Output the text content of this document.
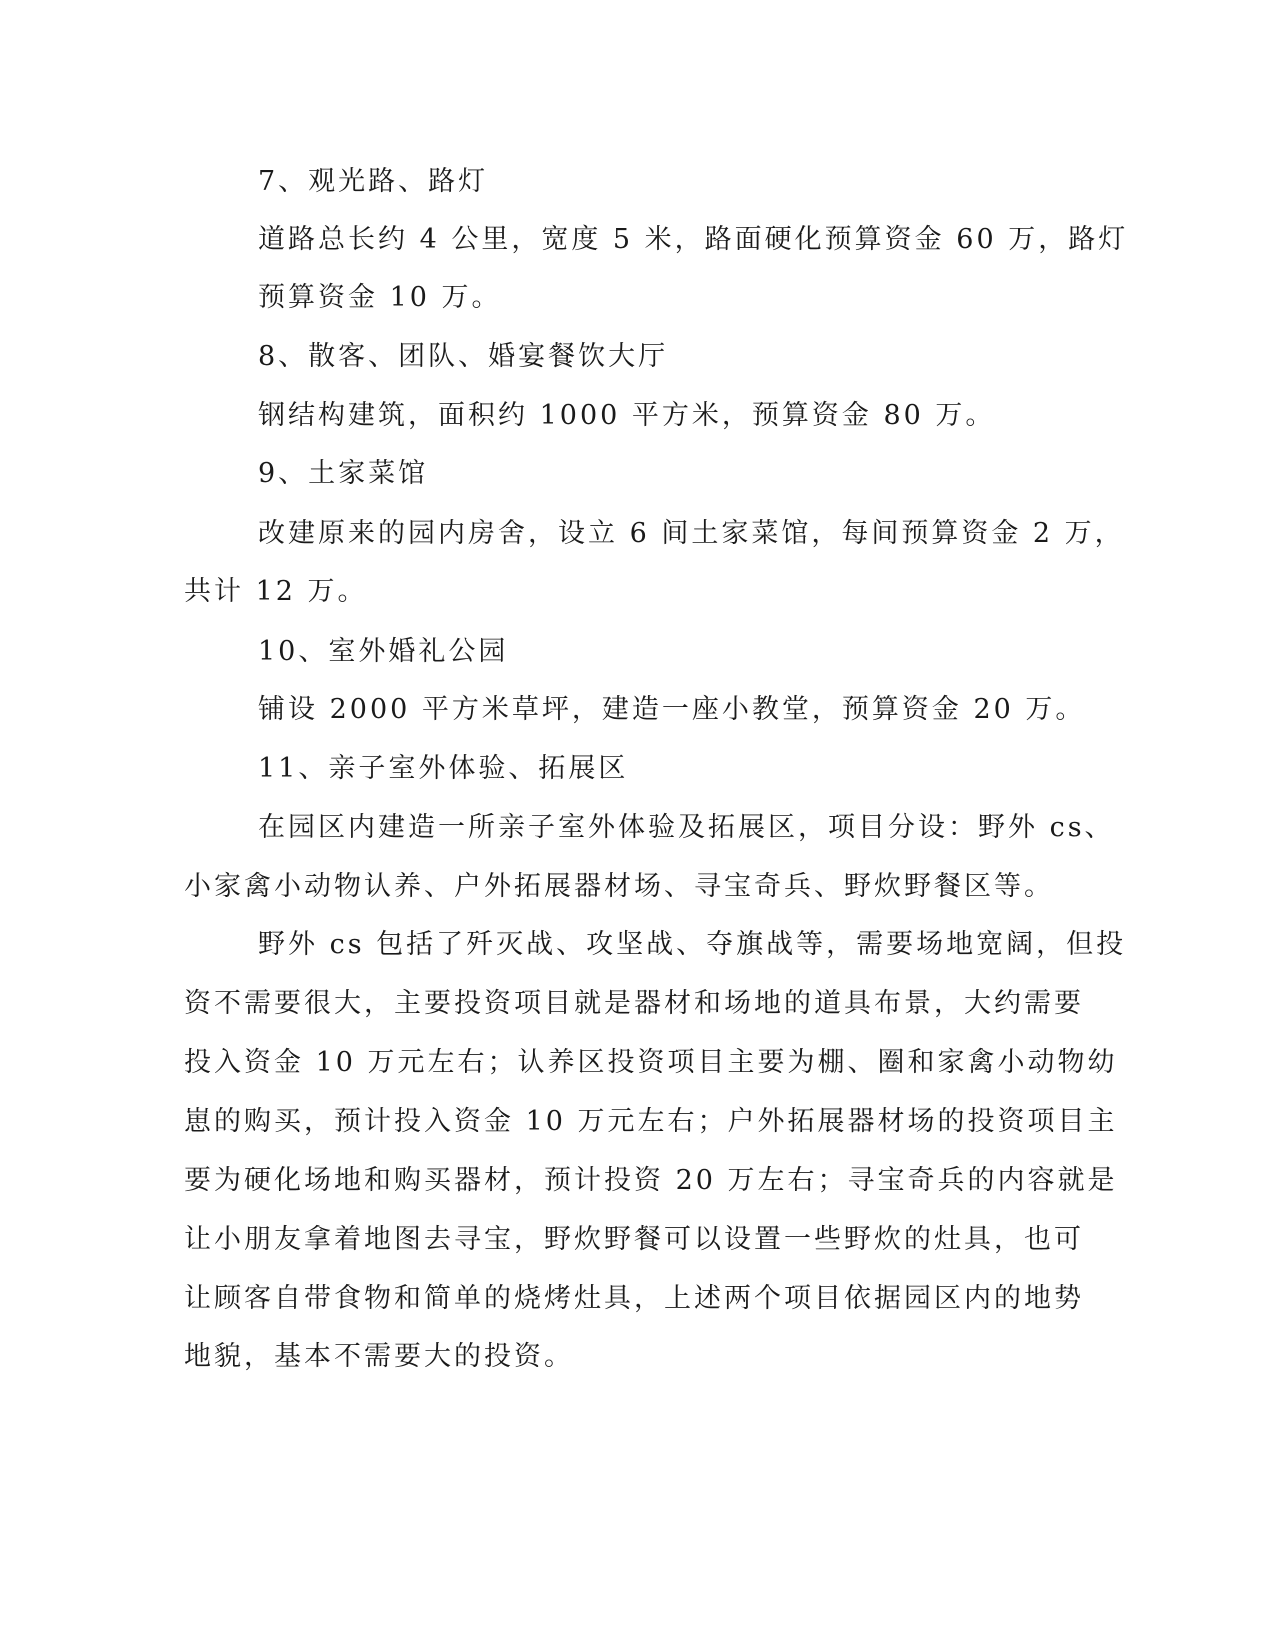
7、观光路、路灯
道路总长约 4 公里，宽度 5 米，路面硬化预算资金 60 万，路灯
预算资金 10 万。
8、散客、团队、婚宴餐饮大厅
钢结构建筑，面积约 1000 平方米，预算资金 80 万。
9、土家菜馆
改建原来的园内房舍，设立 6 间土家菜馆，每间预算资金 2 万，
共计 12 万。
10、室外婚礼公园
铺设 2000 平方米草坪，建造一座小教堂，预算资金 20 万。
11、亲子室外体验、拓展区
在园区内建造一所亲子室外体验及拓展区，项目分设：野外 cs、
小家禽小动物认养、户外拓展器材场、寻宝奇兵、野炊野餐区等。
野外 cs 包括了歼灭战、攻坚战、夺旗战等，需要场地宽阔，但投
资不需要很大，主要投资项目就是器材和场地的道具布景，大约需要
投入资金 10 万元左右；认养区投资项目主要为棚、圈和家禽小动物幼
崽的购买，预计投入资金 10 万元左右；户外拓展器材场的投资项目主
要为硬化场地和购买器材，预计投资 20 万左右；寻宝奇兵的内容就是
让小朋友拿着地图去寻宝，野炊野餐可以设置一些野炊的灶具，也可
让顾客自带食物和简单的烧烤灶具，上述两个项目依据园区内的地势
地貌，基本不需要大的投资。
